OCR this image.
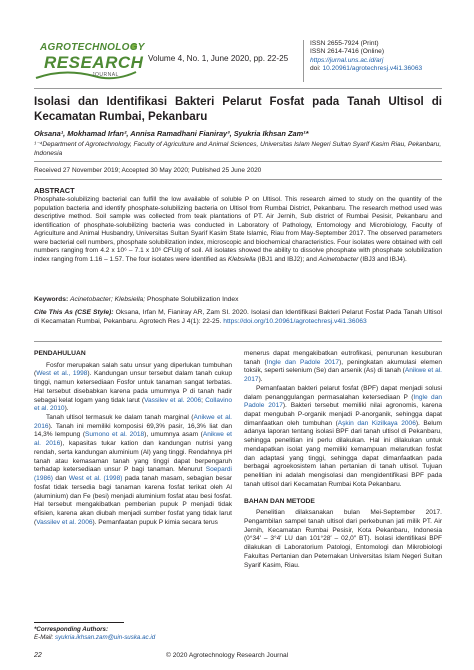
AGROTECHNOLOGY
RESEARCH
JOURNAL
Volume 4, No. 1, June 2020, pp. 22-25
ISSN 2655-7924 (Print)
ISSN 2614-7416 (Online)
https://jurnal.uns.ac.id/arj
doi: 10.20961/agrotechresj.v4i1.36063
Isolasi dan Identifikasi Bakteri Pelarut Fosfat pada Tanah Ultisol di Kecamatan Rumbai, Pekanbaru
Oksana¹, Mokhamad Irfan², Annisa Ramadhani Fianiray³, Syukria Ikhsan Zam¹*
¹⁻⁴Department of Agrotechnology, Faculty of Agriculture and Animal Sciences, Universitas Islam Negeri Sultan Syarif Kasim Riau, Pekanbaru, Indonesia
Received 27 November 2019; Accepted 30 May 2020; Published 25 June 2020
ABSTRACT
Phosphate-solubilizing bacterial can fulfill the low available of soluble P on Ultisol. This research aimed to study on the quantity of the population bacteria and identify phosphate-solubilizing bacteria on Ultisol from Rumbai District, Pekanbaru. The research method used was descriptive method. Soil sample was collected from teak plantations of PT. Air Jernih, Sub district of Rumbai Pesisir, Pekanbaru and identification of phosphate-solubilizing bacteria was conducted in Laboratory of Pathology, Entomology and Microbiology, Faculty of Agriculture and Animal Husbandry, Universitas Sultan Syarif Kasim State Islamic, Riau from May-September 2017. The observed parameters were bacterial cell numbers, phosphate solubilization index, microscopic and biochemical characteristics. Four isolates were obtained with cell numbers ranging from 4.2 x 10⁶ – 7.1 x 10⁶ CFU/g of soil. All isolates showed the ability to dissolve phosphate with phosphate solubilization index ranging from 1.16 – 1.57. The four isolates were identified as Klebsiella (IBJ1 and IBJ2); and Acinetobacter (IBJ3 and IBJ4).
Keywords: Acinetobacter; Klebsiella; Phosphate Solubilization Index
Cite This As (CSE Style): Oksana, Irfan M, Fianiray AR, Zam SI. 2020. Isolasi dan Identifikasi Bakteri Pelarut Fosfat Pada Tanah Ultisol di Kecamatan Rumbai, Pekanbaru. Agrotech Res J 4(1): 22-25. https://doi.org/10.20961/agrotechresj.v4i1.36063

PENDAHULUAN

Fosfor merupakan salah satu unsur yang diperlukan tumbuhan (West et al., 1998). Kandungan unsur tersebut dalam tanah cukup tinggi, namun ketersediaan Fosfor untuk tanaman sangat terbatas. Hal tersebut disebabkan karena pada umumnya P di tanah hadir sebagai kelat logam yang tidak larut (Vassilev et al. 2006; Collavino et al. 2010).

Tanah ultisol termasuk ke dalam tanah marginal (Anikwe et al. 2016). Tanah ini memiliki komposisi 69,3% pasir, 16,3% liat dan 14,3% lempung (Sumono et al. 2018), umumnya asam (Anikwe et al. 2016), kapasitas tukar kation dan kandungan nutrisi yang rendah, serta kandungan aluminium (Al) yang tinggi. Rendahnya pH tanah atau kemasaman tanah yang tinggi dapat berpengaruh terhadap ketersediaan unsur P bagi tanaman. Menurut Soepardi (1986) dan West et al. (1998) pada tanah masam, sebagian besar fosfat tidak tersedia bagi tanaman karena fosfat terikat oleh Al (aluminium) dan Fe (besi) menjadi aluminium fosfat atau besi fosfat. Hal tersebut mengakibatkan pemberian pupuk P menjadi tidak efisien, karena akan diubah menjadi sumber fosfat yang tidak larut (Vassilev et al. 2006). Pemanfaatan pupuk P kimia secara terus

menerus dapat mengakibatkan eutrofikasi, penurunan kesuburan tanah (Ingle dan Padole 2017), peningkatan akumulasi elemen toksik, seperti selenium (Se) dan arsenik (As) di tanah (Anikwe et al. 2017).

Pemanfaatan bakteri pelarut fosfat (BPF) dapat menjadi solusi dalam penanggulangan permasalahan ketersediaan P (Ingle dan Padole 2017). Bakteri tersebut memiliki nilai agronomis, karena dapat mengubah P-organik menjadi P-anorganik, sehingga dapat dimanfaatkan oleh tumbuhan (Aşkin dan Kizilkaya 2006). Belum adanya laporan tentang isolasi BPF dari tanah ultisol di Pekanbaru, sehingga penelitian ini perlu dilakukan. Hal ini dilakukan untuk mendapatkan isolat yang memiliki kemampuan melarutkan fosfat dan adaptasi yang tinggi, sehingga dapat dimanfaatkan pada berbagai agroekosistem lahan pertanian di tanah ultisol. Tujuan penelitian ini adalah mengisolasi dan mengidentifikasi BPF pada tanah ultisol dari Kecamatan Rumbai Kota Pekanbaru.

BAHAN DAN METODE

Penelitian dilaksanakan bulan Mei-September 2017. Pengambilan sampel tanah ultisol dari perkebunan jati milik PT. Air Jernih, Kecamatan Rumbai Pesisir, Kota Pekanbaru, Indonesia (0°34′ – 3°4′ LU dan 101°28′ – 02,0″ BT). Isolasi identifikasi BPF dilakukan di Laboratorium Patologi, Entomologi dan Mikrobiologi Fakultas Pertanian dan Peternakan Universitas Islam Negeri Sultan Syarif Kasim, Riau.

*Corresponding Authors:
E-Mail: syukria.ikhsan.zam@uin-suska.ac.id
22	© 2020 Agrotechnology Research Journal
